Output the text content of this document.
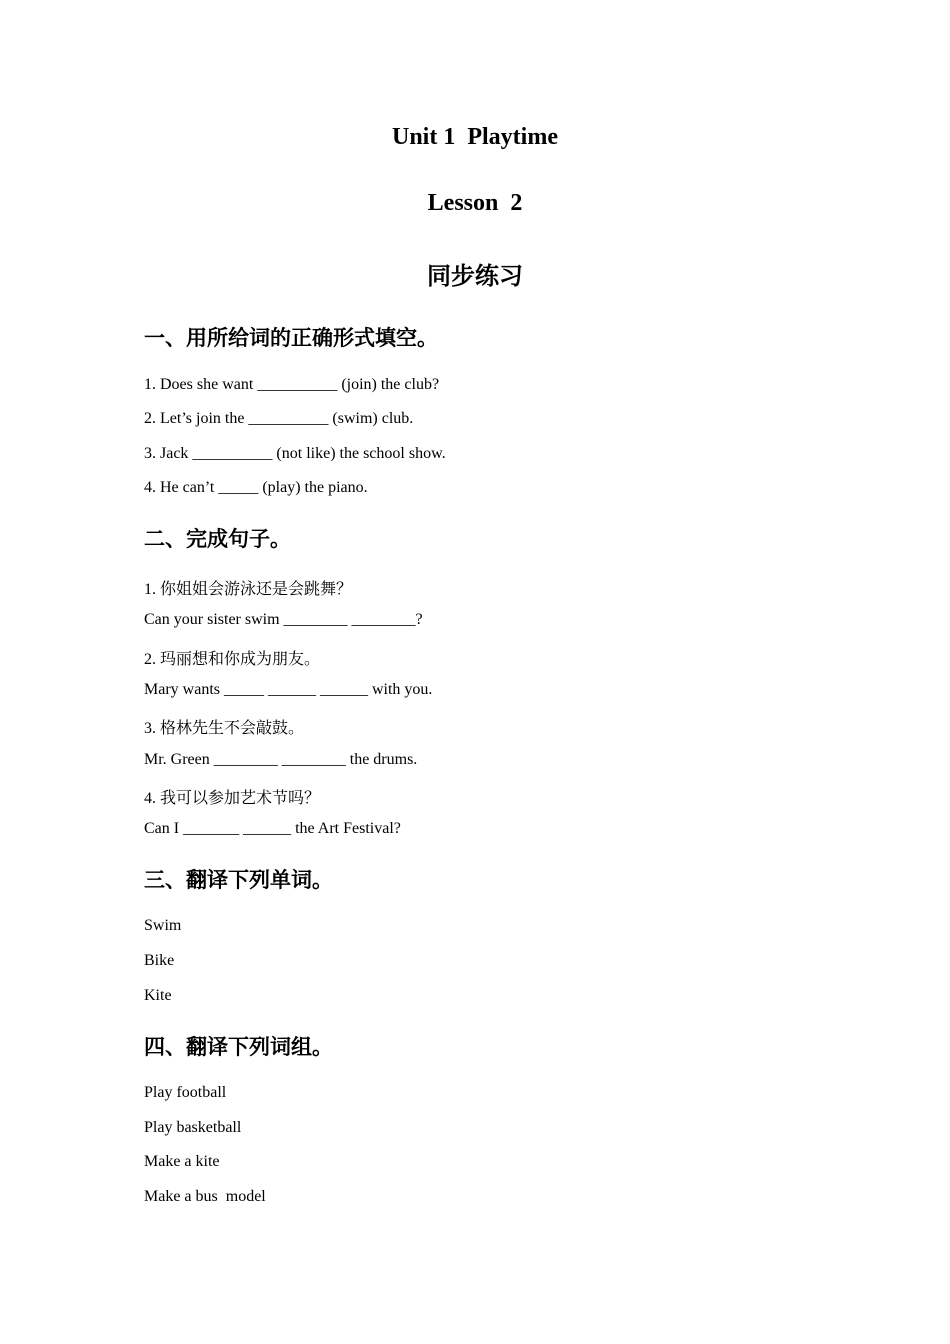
Unit 1  Playtime
Lesson  2
同步练习
一、用所给词的正确形式填空。
1. Does she want __________ (join) the club?
2. Let’s join the __________ (swim) club.
3. Jack __________ (not like) the school show.
4. He can’t _____ (play) the piano.
二、完成句子。
1. 你姐姐会游泳还是会跳舞？
Can your sister swim ________ ________?
2. 玛丽想和你成为朋友。
Mary wants _____ ______ ______ with you.
3. 格林先生不会敲鼓。
Mr. Green ________ ________ the drums.
4. 我可以参加艺术节吗？
Can I _______ ______ the Art Festival?
三、翻译下列单词。
Swim
Bike
Kite
四、翻译下列词组。
Play football
Play basketball
Make a kite
Make a bus  model
